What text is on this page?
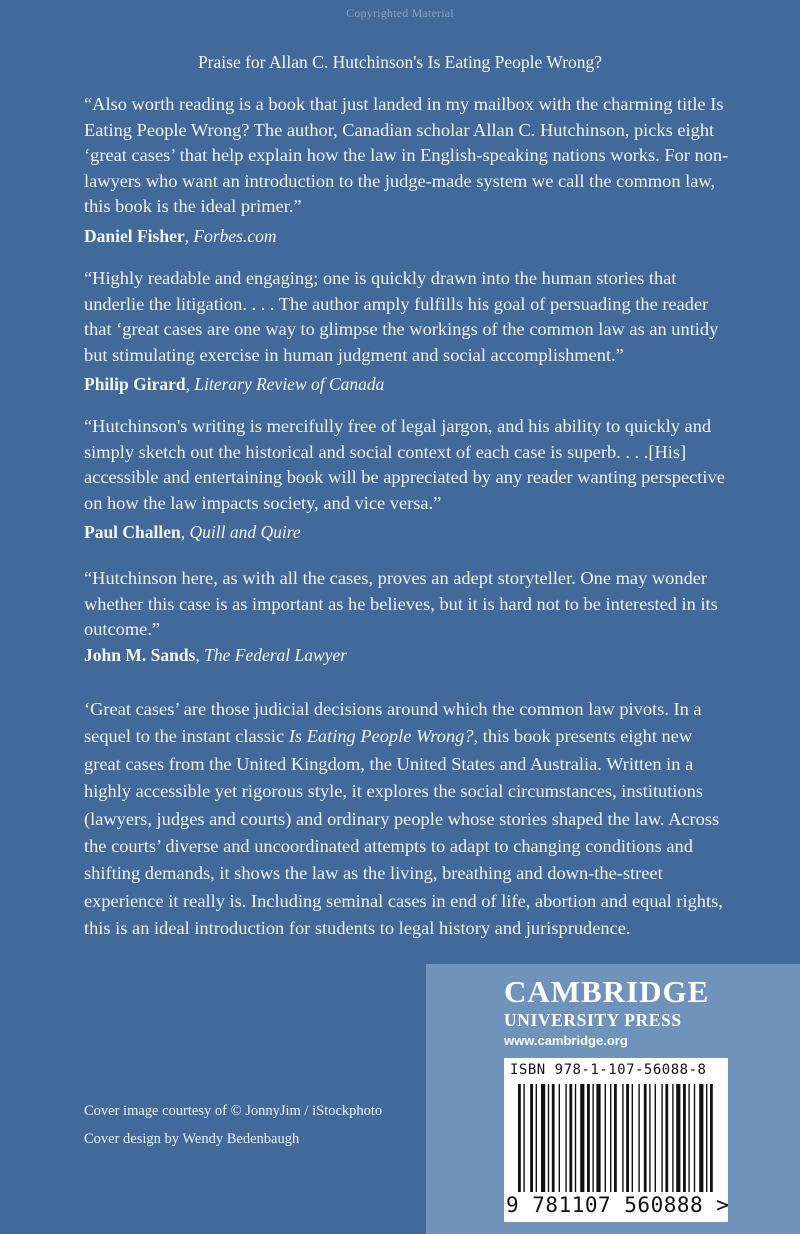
Copyrighted Material
Praise for Allan C. Hutchinson's Is Eating People Wrong?

“Also worth reading is a book that just landed in my mailbox with the charming title Is Eating People Wrong? The author, Canadian scholar Allan C. Hutchinson, picks eight ‘great cases’ that help explain how the law in English-speaking nations works. For non-lawyers who want an introduction to the judge-made system we call the common law, this book is the ideal primer.”

Daniel Fisher, Forbes.com

“Highly readable and engaging; one is quickly drawn into the human stories that underlie the litigation. . . . The author amply fulfills his goal of persuading the reader that ‘great cases are one way to glimpse the workings of the common law as an untidy but stimulating exercise in human judgment and social accomplishment.”

Philip Girard, Literary Review of Canada

“Hutchinson's writing is mercifully free of legal jargon, and his ability to quickly and simply sketch out the historical and social context of each case is superb. . . .[His] accessible and entertaining book will be appreciated by any reader wanting perspective on how the law impacts society, and vice versa.”

Paul Challen, Quill and Quire

“Hutchinson here, as with all the cases, proves an adept storyteller. One may wonder whether this case is as important as he believes, but it is hard not to be interested in its outcome.”

John M. Sands, The Federal Lawyer

‘Great cases’ are those judicial decisions around which the common law pivots. In a sequel to the instant classic Is Eating People Wrong?, this book presents eight new great cases from the United Kingdom, the United States and Australia. Written in a highly accessible yet rigorous style, it explores the social circumstances, institutions (lawyers, judges and courts) and ordinary people whose stories shaped the law. Across the courts’ diverse and uncoordinated attempts to adapt to changing conditions and shifting demands, it shows the law as the living, breathing and down-the-street experience it really is. Including seminal cases in end of life, abortion and equal rights, this is an ideal introduction for students to legal history and jurisprudence.

Cover image courtesy of © JonnyJim / iStockphoto

Cover design by Wendy Bedenbaugh

CAMBRIDGE

UNIVERSITY PRESS

www.cambridge.org

ISBN 978-1-107-56088-8

9 781107 560888 >
